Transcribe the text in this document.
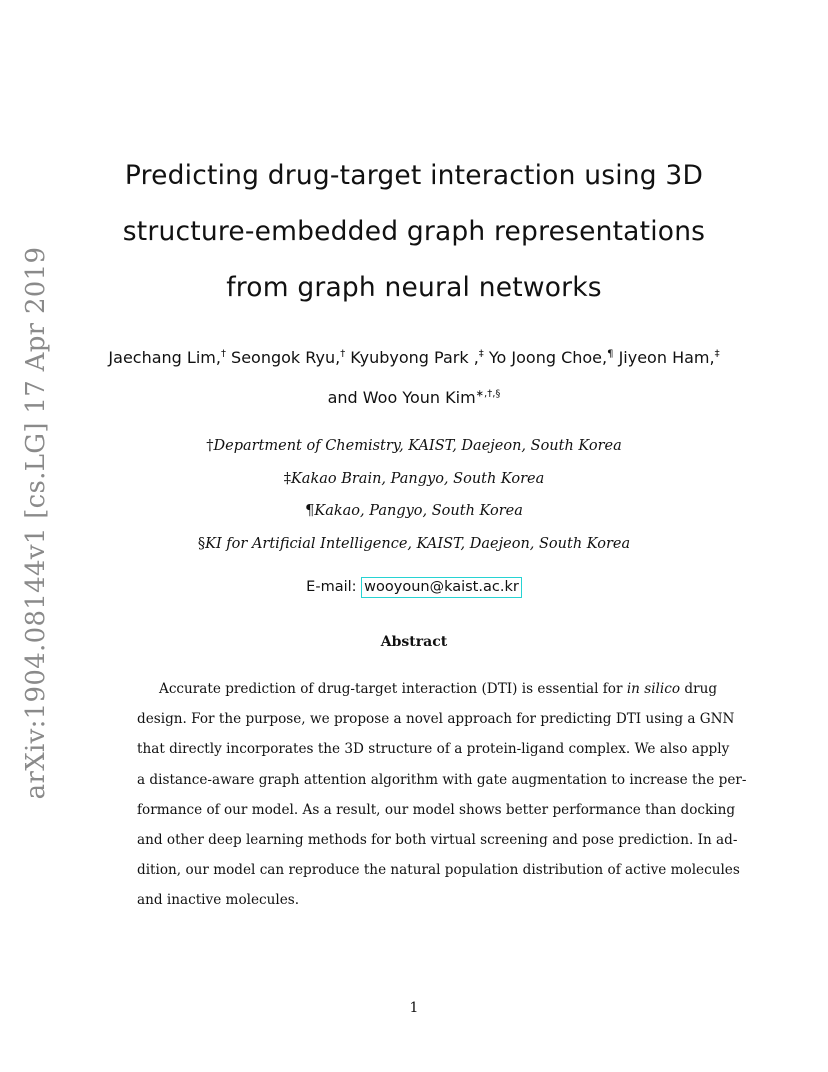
arXiv:1904.08144v1 [cs.LG] 17 Apr 2019
Predicting drug-target interaction using 3D
structure-embedded graph representations
from graph neural networks
Jaechang Lim,† Seongok Ryu,† Kyubyong Park ,‡ Yo Joong Choe,¶ Jiyeon Ham,‡
and Woo Youn Kim∗,†,§
†Department of Chemistry, KAIST, Daejeon, South Korea
‡Kakao Brain, Pangyo, South Korea
¶Kakao, Pangyo, South Korea
§KI for Artificial Intelligence, KAIST, Daejeon, South Korea
E-mail: wooyoun@kaist.ac.kr
Abstract
Accurate prediction of drug-target interaction (DTI) is essential for in silico drug
design. For the purpose, we propose a novel approach for predicting DTI using a GNN
that directly incorporates the 3D structure of a protein-ligand complex. We also apply
a distance-aware graph attention algorithm with gate augmentation to increase the per-
formance of our model. As a result, our model shows better performance than docking
and other deep learning methods for both virtual screening and pose prediction. In ad-
dition, our model can reproduce the natural population distribution of active molecules
and inactive molecules.
1
